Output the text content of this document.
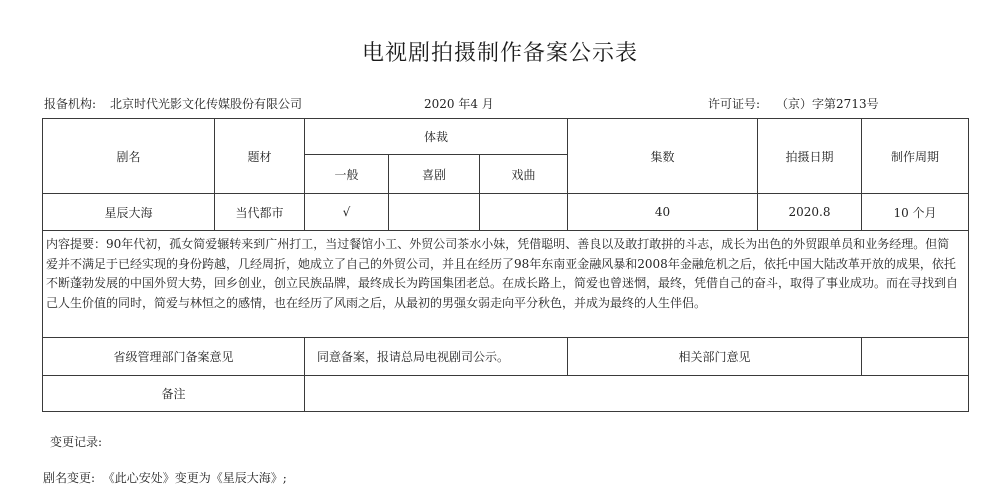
电视剧拍摄制作备案公示表
报备机构: 北京时代光影文化传媒股份有限公司	2020 年4 月	许可证号: （京）字第2713号
剧名	题材	体裁			集数	拍摄日期	制作周期
		一般	喜剧	戏曲			
星辰大海	当代都市	√			40	2020.8	10 个月
内容提要：90年代初，孤女简爱辗转来到广州打工，当过餐馆小工、外贸公司茶水小妹，凭借聪明、善良以及敢打敢拼的斗志，成长为出色的外贸跟单员和业务经理。但简爱并不满足于已经实现的身份跨越，几经周折，她成立了自己的外贸公司，并且在经历了98年东南亚金融风暴和2008年金融危机之后，依托中国大陆改革开放的成果，依托不断蓬勃发展的中国外贸大势，回乡创业，创立民族品牌，最终成长为跨国集团老总。在成长路上，简爱也曾迷惘，最终，凭借自己的奋斗，取得了事业成功。而在寻找到自己人生价值的同时，简爱与林恒之的感情，也在经历了风雨之后，从最初的男强女弱走向平分秋色，并成为最终的人生伴侣。							
省级管理部门备案意见		同意备案，报请总局电视剧司公示。			相关部门意见		
备注							
变更记录:
剧名变更: 《此心安处》变更为《星辰大海》;
